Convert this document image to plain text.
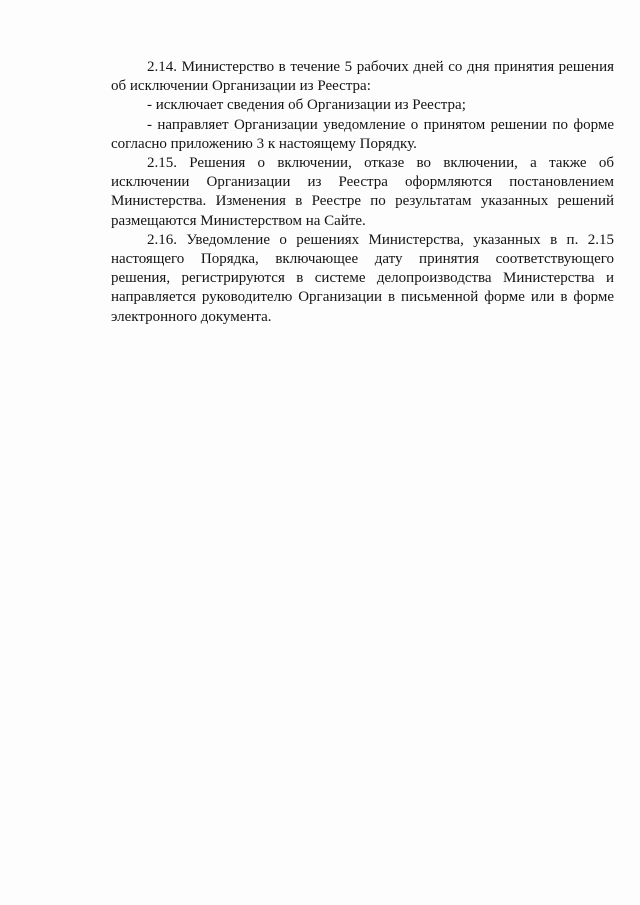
2.14. Министерство в течение 5 рабочих дней со дня принятия решения
об исключении Организации из Реестра:

- исключает сведения об Организации из Реестра;

- направляет Организации уведомление о принятом решении по форме
согласно приложению 3 к настоящему Порядку.

2.15. Решения о включении, отказе во включении, а также об
исключении Организации из Реестра оформляются постановлением
Министерства. Изменения в Реестре по результатам указанных решений
размещаются Министерством на Сайте.

2.16. Уведомление о решениях Министерства, указанных в п. 2.15
настоящего Порядка, включающее дату принятия соответствующего
решения, регистрируются в системе делопроизводства Министерства и
направляется руководителю Организации в письменной форме или в форме
электронного документа.
